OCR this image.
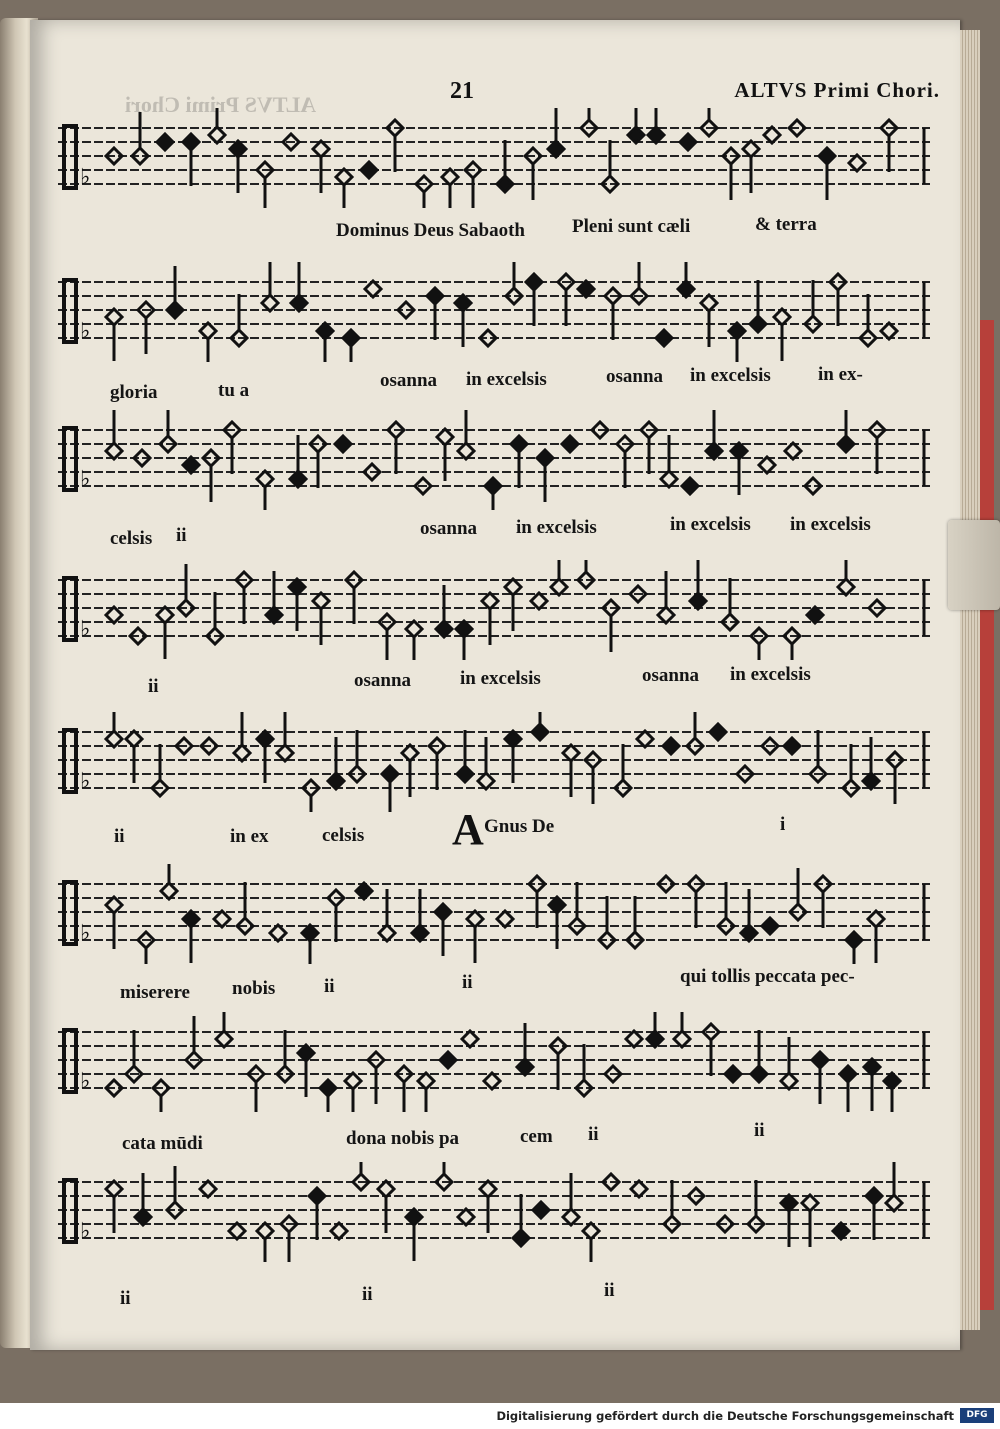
ALTVS Primi Chori
21	ALTVS Primi Chori.
♭
♭
♭
♭
♭
♭
♭
♭
Dominus Deus Sabaoth Pleni sunt cæli	& terra
gloria	tu a	osanna in excelsis	osanna in excelsis in ex-
celsis ii	osanna in excelsis	in excelsis in excelsis
ii	osanna	in excelsis	osanna in excelsis
ii	in ex	celsis A Gnus De	i
miserere nobis	ii	ii	qui tollis peccata pec-
cata mūdi	dona nobis pa	cem ii	ii
ii	ii	ii
Digitalisierung gefördert durch die Deutsche Forschungsgemeinschaft	DFG
